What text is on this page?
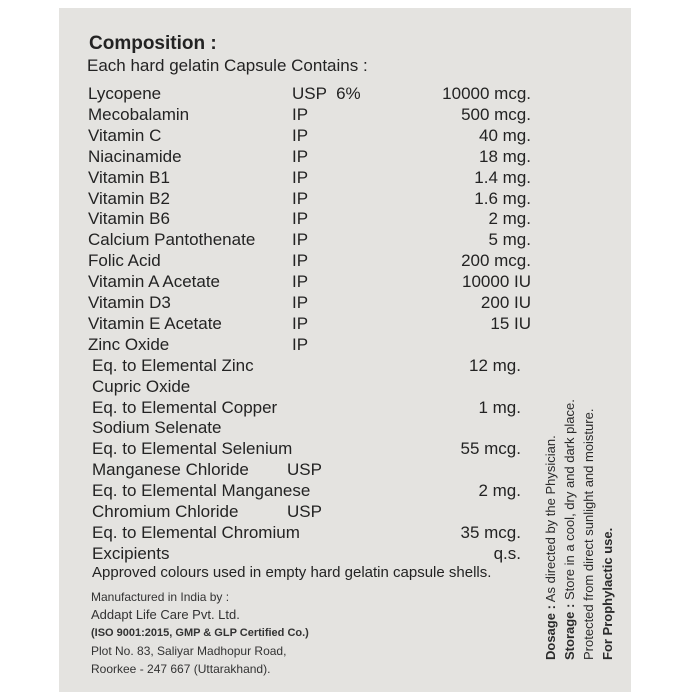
Composition :
Each hard gelatin Capsule Contains :
Lycopene	USP  6%	10000 mcg.
Mecobalamin	IP	500 mcg.
Vitamin C	IP	40 mg.
Niacinamide	IP	18 mg.
Vitamin B1	IP	1.4 mg.
Vitamin B2	IP	1.6 mg.
Vitamin B6	IP	2 mg.
Calcium Pantothenate IP	5 mg.
Folic Acid	IP	200 mcg.
Vitamin A Acetate	IP	10000 IU
Vitamin D3	IP	200 IU
Vitamin E Acetate	IP	15 IU
Zinc Oxide	IP
Eq. to Elemental Zinc	12 mg.
Cupric Oxide
Eq. to Elemental Copper	1 mg.
Sodium Selenate
Eq. to Elemental Selenium	55 mcg.
Manganese Chloride USP
Eq. to Elemental Manganese	2 mg.
Chromium Chloride	USP
Eq. to Elemental Chromium	35 mcg.
Excipients	q.s.
Approved colours used in empty hard gelatin capsule shells.
Manufactured in India by :
Addapt Life Care Pvt. Ltd.
(ISO 9001:2015, GMP & GLP Certified Co.)
Plot No. 83, Saliyar Madhopur Road,
Roorkee - 247 667 (Uttarakhand).
Dosage : As directed by the Physician.
Storage : Store in a cool, dry and dark place. Protected from direct sunlight and moisture. For Prophylactic use.
